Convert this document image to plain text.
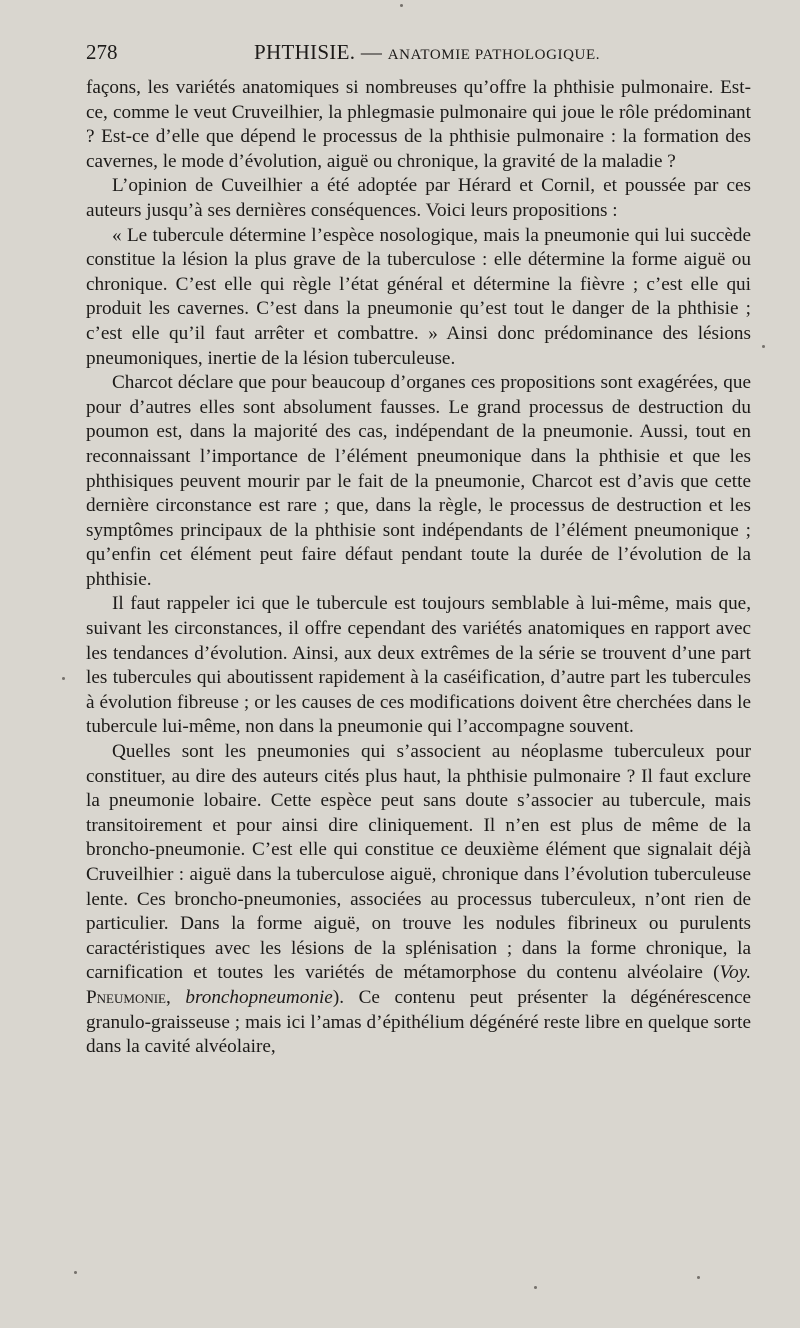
278	PHTHISIE. — ANATOMIE PATHOLOGIQUE.

façons, les variétés anatomiques si nombreuses qu’offre la phthisie pulmonaire. Est-ce, comme le veut Cruveilhier, la phlegmasie pulmonaire qui joue le rôle prédominant ? Est-ce d’elle que dépend le processus de la phthisie pulmonaire : la formation des cavernes, le mode d’évolution, aiguë ou chronique, la gravité de la maladie ?

L’opinion de Cuveilhier a été adoptée par Hérard et Cornil, et poussée par ces auteurs jusqu’à ses dernières conséquences. Voici leurs propositions :

« Le tubercule détermine l’espèce nosologique, mais la pneumonie qui lui succède constitue la lésion la plus grave de la tuberculose : elle détermine la forme aiguë ou chronique. C’est elle qui règle l’état général et détermine la fièvre ; c’est elle qui produit les cavernes. C’est dans la pneumonie qu’est tout le danger de la phthisie ; c’est elle qu’il faut arrêter et combattre. » Ainsi donc prédominance des lésions pneumoniques, inertie de la lésion tuberculeuse.

Charcot déclare que pour beaucoup d’organes ces propositions sont exagérées, que pour d’autres elles sont absolument fausses. Le grand processus de destruction du poumon est, dans la majorité des cas, indépendant de la pneumonie. Aussi, tout en reconnaissant l’importance de l’élément pneumonique dans la phthisie et que les phthisiques peuvent mourir par le fait de la pneumonie, Charcot est d’avis que cette dernière circonstance est rare ; que, dans la règle, le processus de destruction et les symptômes principaux de la phthisie sont indépendants de l’élément pneumonique ; qu’enfin cet élément peut faire défaut pendant toute la durée de l’évolution de la phthisie.

Il faut rappeler ici que le tubercule est toujours semblable à lui-même, mais que, suivant les circonstances, il offre cependant des variétés anatomiques en rapport avec les tendances d’évolution. Ainsi, aux deux extrêmes de la série se trouvent d’une part les tubercules qui aboutissent rapidement à la caséification, d’autre part les tubercules à évolution fibreuse ; or les causes de ces modifications doivent être cherchées dans le tubercule lui-même, non dans la pneumonie qui l’accompagne souvent.

Quelles sont les pneumonies qui s’associent au néoplasme tuberculeux pour constituer, au dire des auteurs cités plus haut, la phthisie pulmonaire ? Il faut exclure la pneumonie lobaire. Cette espèce peut sans doute s’associer au tubercule, mais transitoirement et pour ainsi dire cliniquement. Il n’en est plus de même de la broncho-pneumonie. C’est elle qui constitue ce deuxième élément que signalait déjà Cruveilhier : aiguë dans la tuberculose aiguë, chronique dans l’évolution tuberculeuse lente. Ces broncho-pneumonies, associées au processus tuberculeux, n’ont rien de particulier. Dans la forme aiguë, on trouve les nodules fibrineux ou purulents caractéristiques avec les lésions de la splénisation ; dans la forme chronique, la carnification et toutes les variétés de métamorphose du contenu alvéolaire (Voy. Pneumonie, bronchopneumonie). Ce contenu peut présenter la dégénérescence granulo-graisseuse ; mais ici l’amas d’épithélium dégénéré reste libre en quelque sorte dans la cavité alvéolaire,
